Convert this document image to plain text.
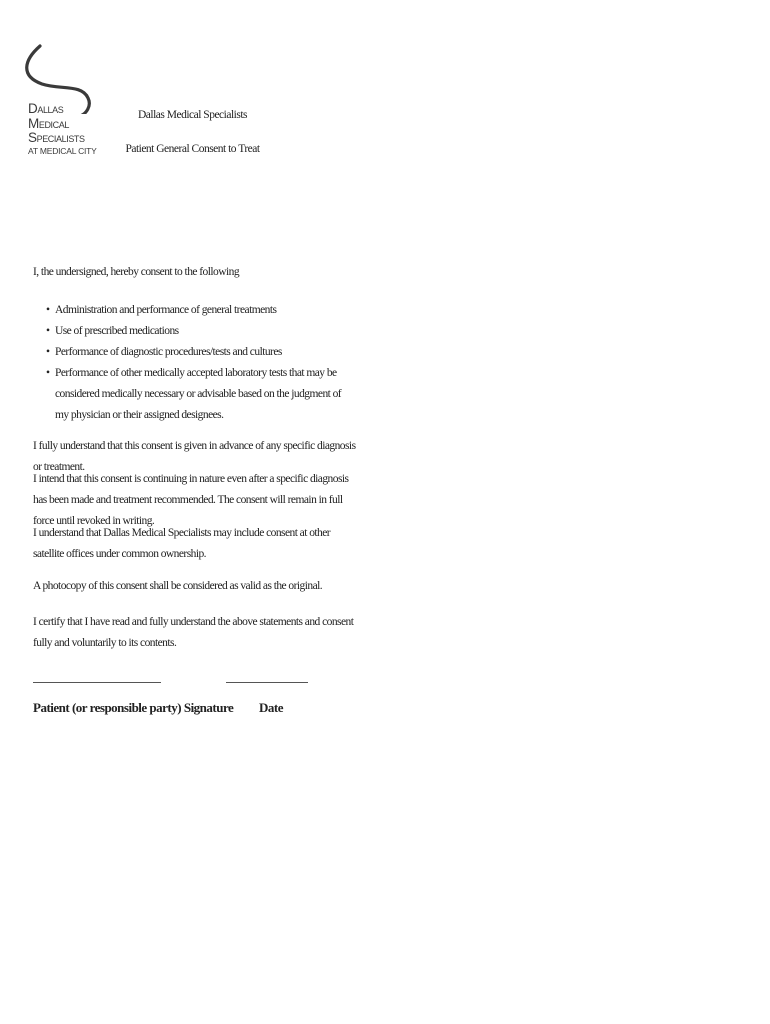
Dallas
Medical
Specialists
AT MEDICAL CITY
Dallas Medical Specialists
Patient General Consent to Treat
I, the undersigned, hereby consent to the following
• Administration and performance of general treatments
• Use of prescribed medications
• Performance of diagnostic procedures/tests and cultures
• Performance of other medically accepted laboratory tests that may be considered medically necessary or advisable based on the judgment of my physician or their assigned designees.

I fully understand that this consent is given in advance of any specific diagnosis or treatment.

I intend that this consent is continuing in nature even after a specific diagnosis has been made and treatment recommended. The consent will remain in full force until revoked in writing.

I understand that Dallas Medical Specialists may include consent at other satellite offices under common ownership.

A photocopy of this consent shall be considered as valid as the original.

I certify that I have read and fully understand the above statements and consent fully and voluntarily to its contents.

Patient (or responsible party) Signature Date
